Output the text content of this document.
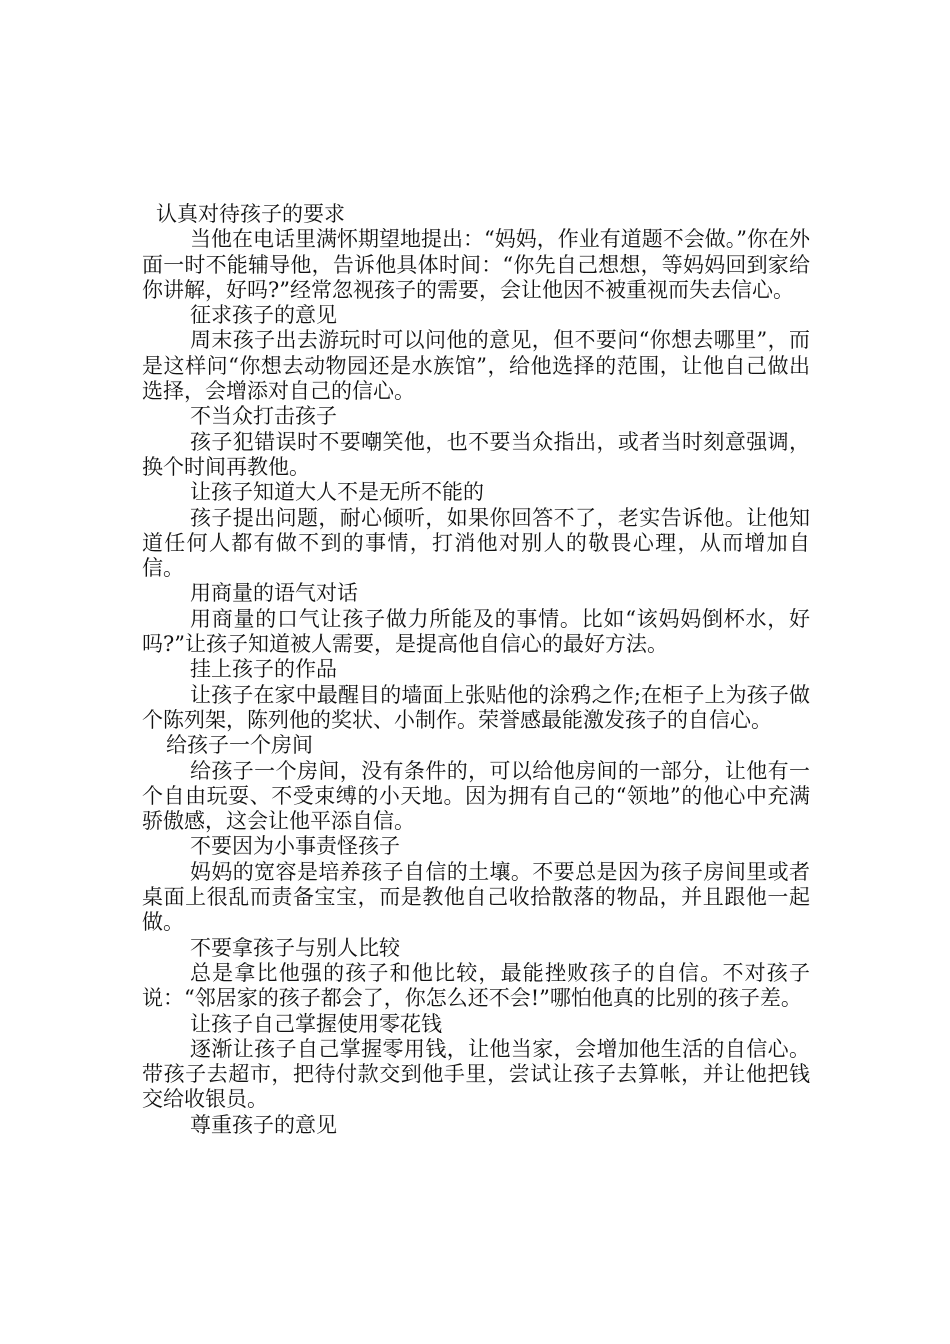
认真对待孩子的要求

当他在电话里满怀期望地提出：“妈妈，作业有道题不会做。”你在外面一时不能辅导他，告诉他具体时间：“你先自己想想，等妈妈回到家给你讲解，好吗?”经常忽视孩子的需要，会让他因不被重视而失去信心。

征求孩子的意见

周末孩子出去游玩时可以问他的意见，但不要问“你想去哪里”，而是这样问“你想去动物园还是水族馆”，给他选择的范围，让他自己做出选择，会增添对自己的信心。

不当众打击孩子

孩子犯错误时不要嘲笑他，也不要当众指出，或者当时刻意强调，换个时间再教他。

让孩子知道大人不是无所不能的

孩子提出问题，耐心倾听，如果你回答不了，老实告诉他。让他知道任何人都有做不到的事情，打消他对别人的敬畏心理，从而增加自信。

用商量的语气对话

用商量的口气让孩子做力所能及的事情。比如“该妈妈倒杯水，好吗?”让孩子知道被人需要，是提高他自信心的最好方法。

挂上孩子的作品

让孩子在家中最醒目的墙面上张贴他的涂鸦之作;在柜子上为孩子做个陈列架，陈列他的奖状、小制作。荣誉感最能激发孩子的自信心。

给孩子一个房间

给孩子一个房间，没有条件的，可以给他房间的一部分，让他有一个自由玩耍、不受束缚的小天地。因为拥有自己的“领地”的他心中充满骄傲感，这会让他平添自信。

不要因为小事责怪孩子

妈妈的宽容是培养孩子自信的土壤。不要总是因为孩子房间里或者桌面上很乱而责备宝宝，而是教他自己收拾散落的物品，并且跟他一起做。

不要拿孩子与别人比较

总是拿比他强的孩子和他比较，最能挫败孩子的自信。不对孩子说：“邻居家的孩子都会了，你怎么还不会!”哪怕他真的比别的孩子差。

让孩子自己掌握使用零花钱

逐渐让孩子自己掌握零用钱，让他当家，会增加他生活的自信心。带孩子去超市，把待付款交到他手里，尝试让孩子去算帐，并让他把钱交给收银员。

尊重孩子的意见
